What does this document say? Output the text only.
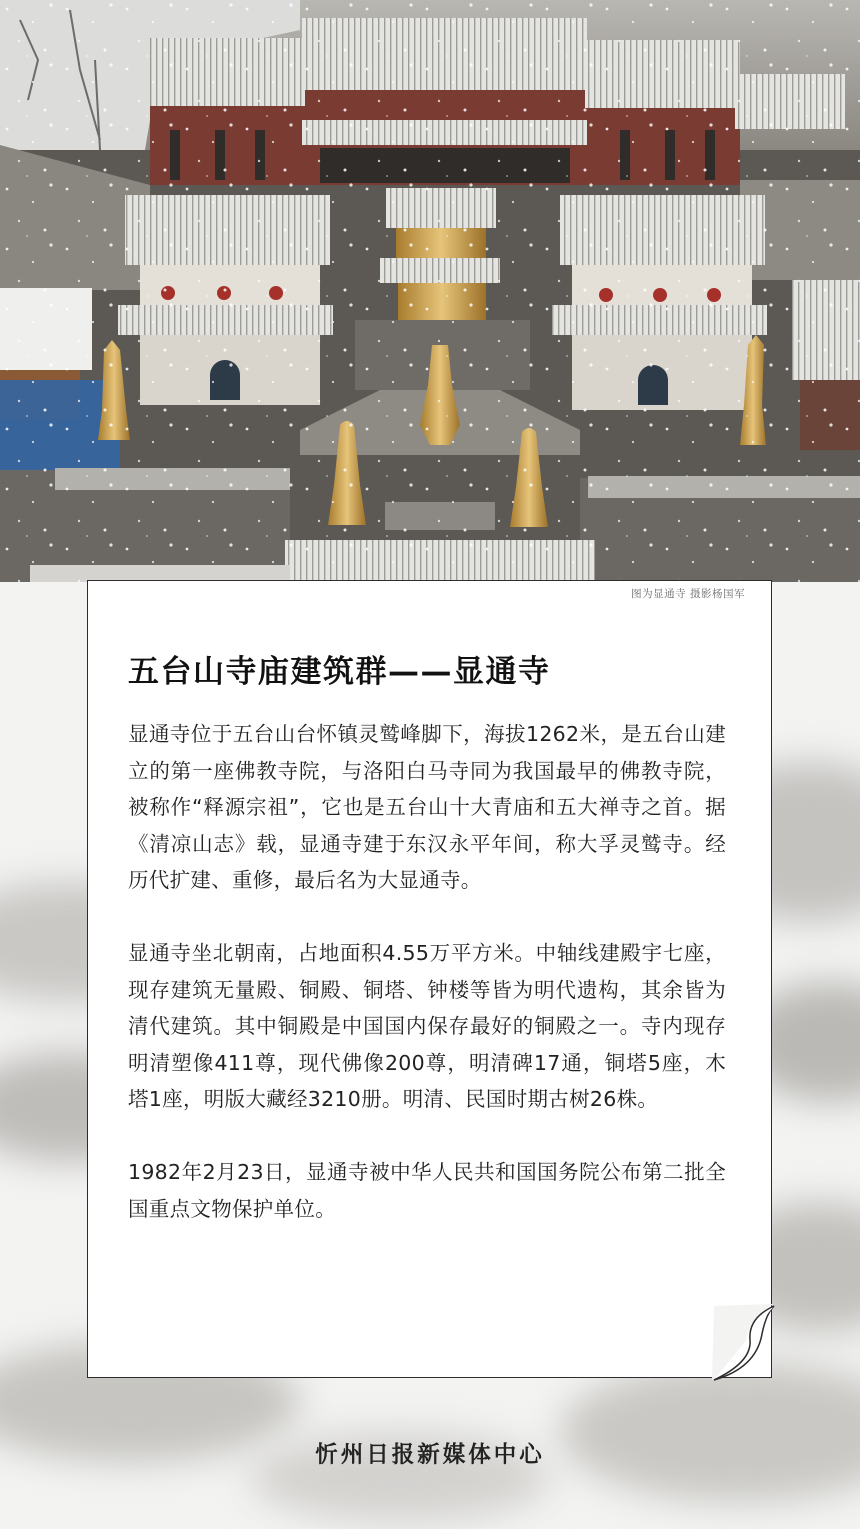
图为显通寺 摄影杨国军
五台山寺庙建筑群——显通寺

显通寺位于五台山台怀镇灵鹫峰脚下，海拔1262米，是五台山建立的第一座佛教寺院，与洛阳白马寺同为我国最早的佛教寺院，被称作“释源宗祖”，它也是五台山十大青庙和五大禅寺之首。据《清凉山志》载，显通寺建于东汉永平年间，称大孚灵鹫寺。经历代扩建、重修，最后名为大显通寺。

显通寺坐北朝南，占地面积4.55万平方米。中轴线建殿宇七座，现存建筑无量殿、铜殿、铜塔、钟楼等皆为明代遗构，其余皆为清代建筑。其中铜殿是中国国内保存最好的铜殿之一。寺内现存明清塑像411尊，现代佛像200尊，明清碑17通，铜塔5座，木塔1座，明版大藏经3210册。明清、民国时期古树26株。

1982年2月23日，显通寺被中华人民共和国国务院公布第二批全国重点文物保护单位。

忻州日报新媒体中心
